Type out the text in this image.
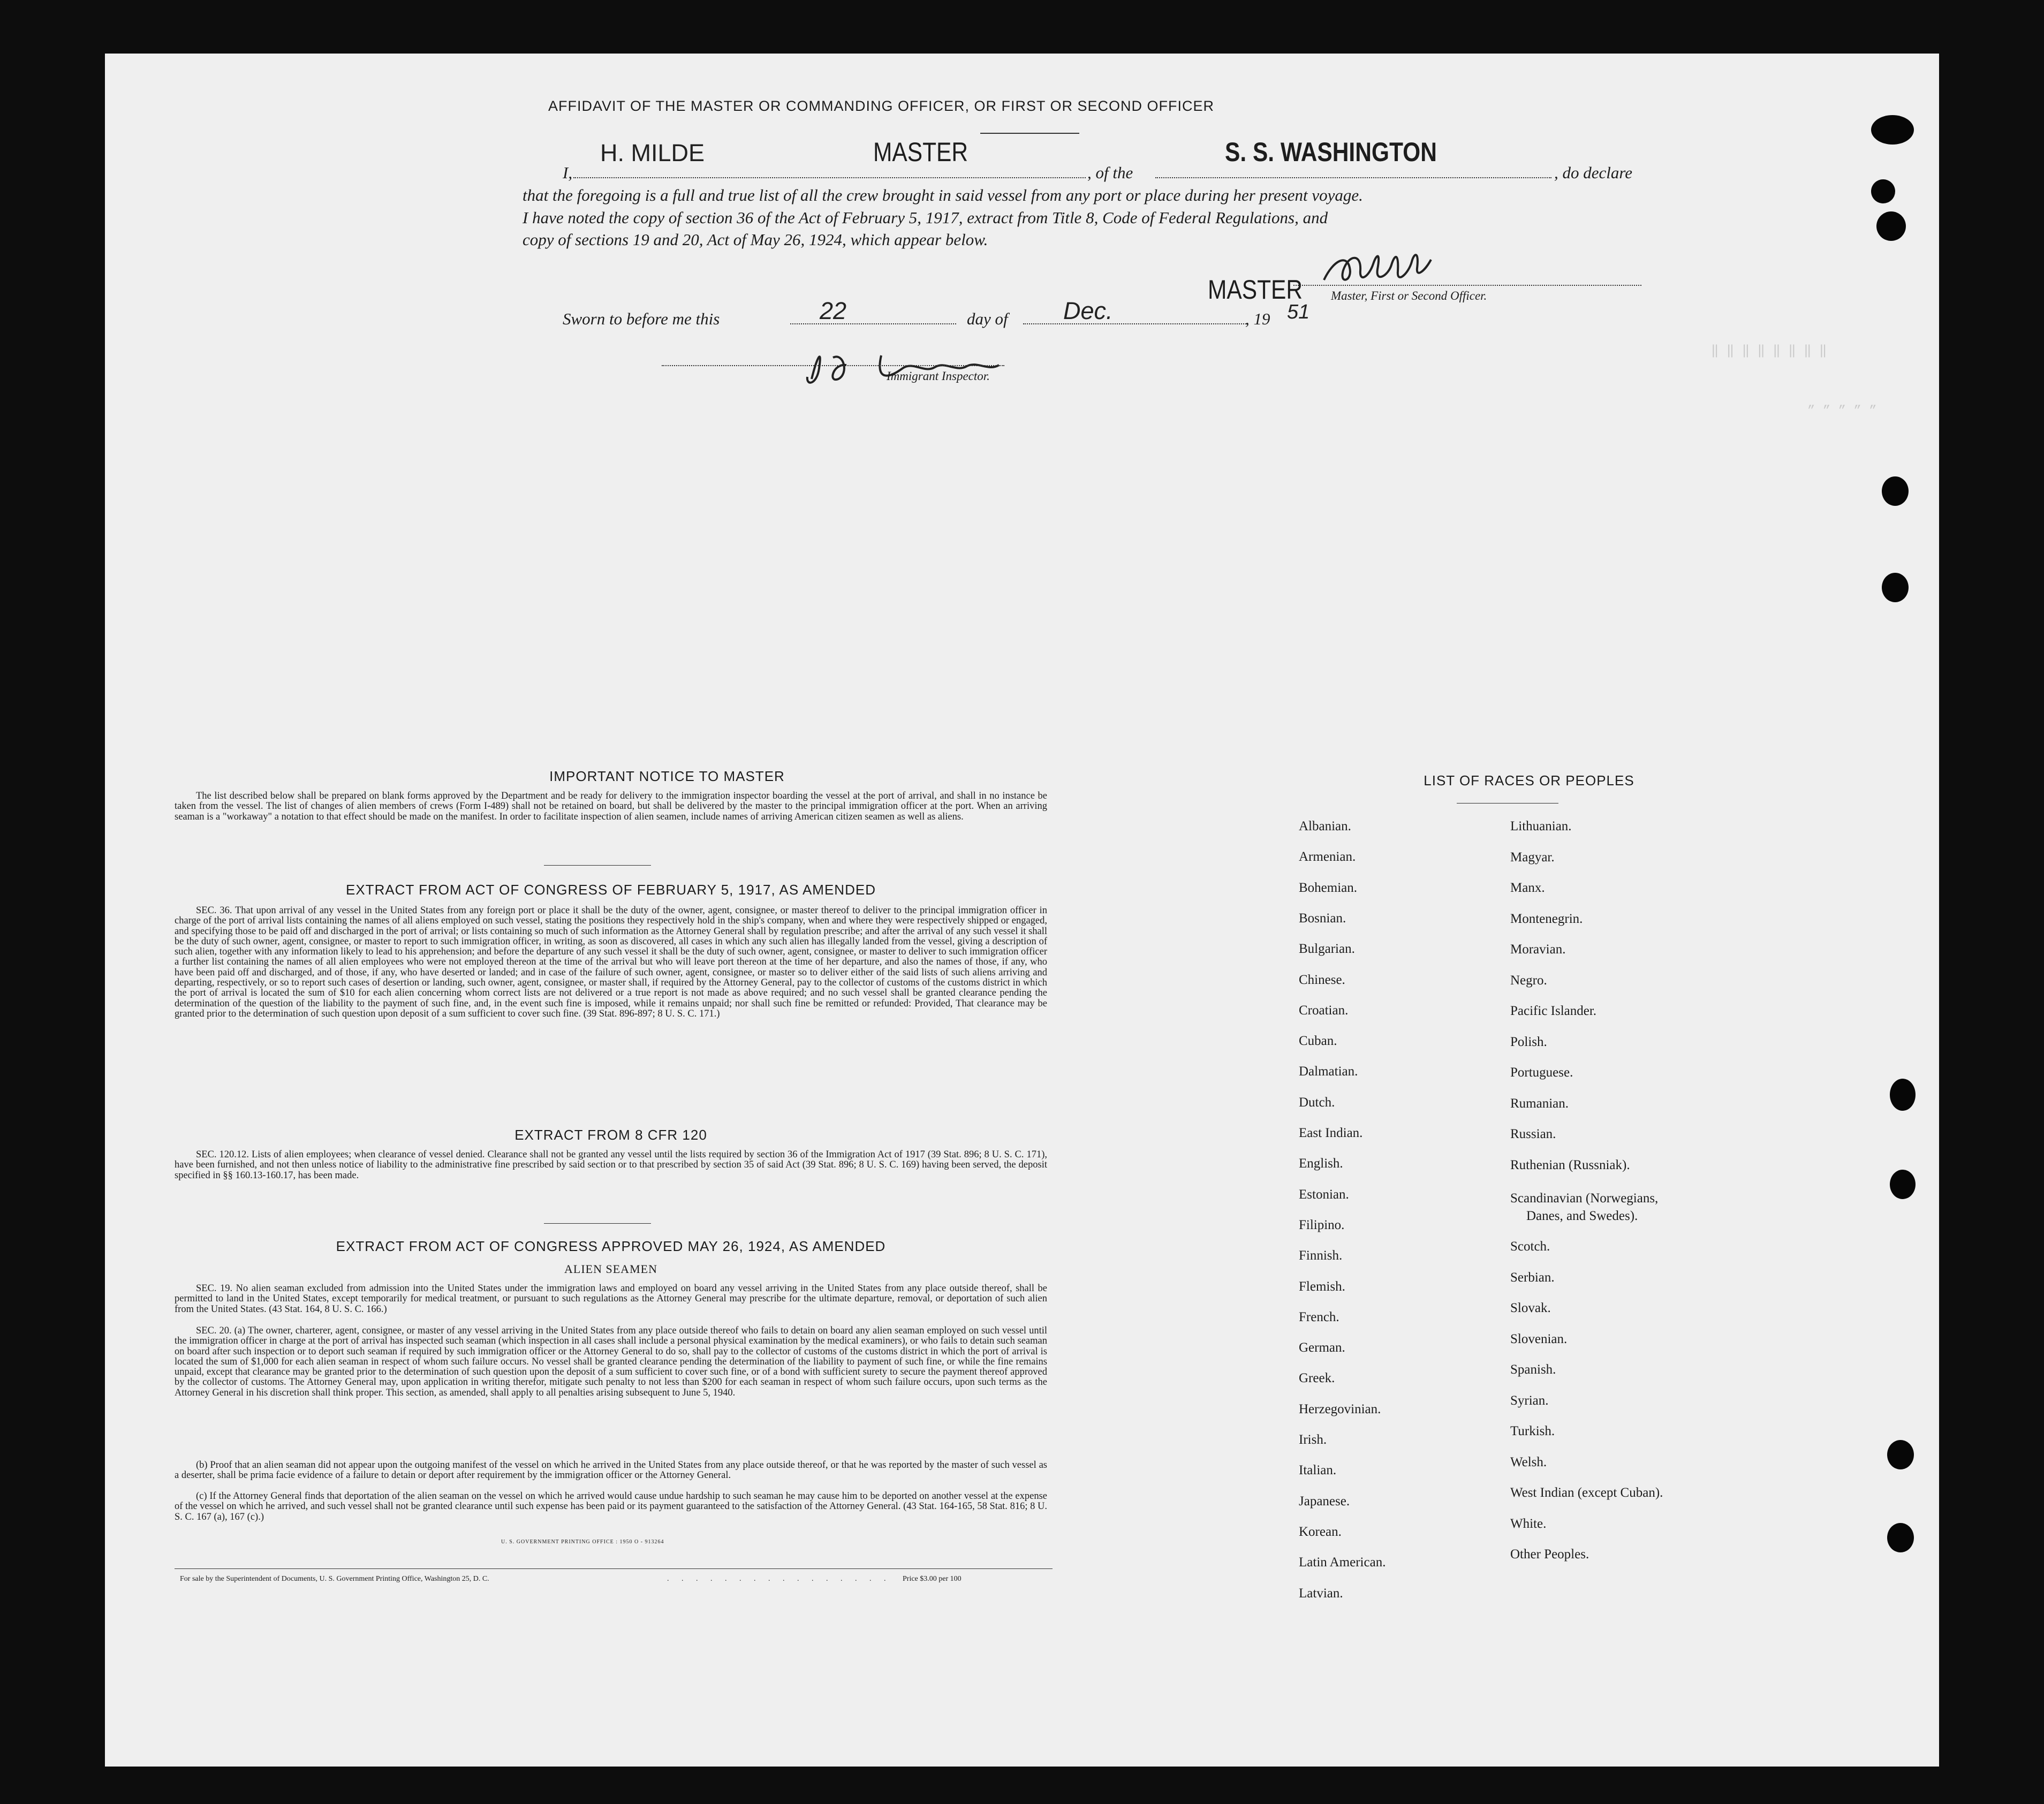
‖ ‖ ‖ ‖ ‖ ‖ ‖ ‖
„ „ „ „ „
AFFIDAVIT OF THE MASTER OR COMMANDING OFFICER, OR FIRST OR SECOND OFFICER
I,
H. MILDE	MASTER
, of the
S. S. WASHINGTON
, do declare
that the foregoing is a full and true list of all the crew brought in said vessel from any port or place during her present voyage.
I have noted the copy of section 36 of the Act of February 5, 1917, extract from Title 8, Code of Federal Regulations, and
copy of sections 19 and 20, Act of May 26, 1924, which appear below.
MASTER Master, First or Second Officer.
Sworn to before me this	22	day of Dec.	, 19 51
Immigrant Inspector.
IMPORTANT NOTICE TO MASTER
The list described below shall be prepared on blank forms approved by the Department and be ready for delivery to the immigration inspector boarding the vessel at the port of arrival, and shall in no instance be taken from the vessel. The list of changes of alien members of crews (Form I-489) shall not be retained on board, but shall be delivered by the master to the principal immigration officer at the port. When an arriving seaman is a "workaway" a notation to that effect should be made on the manifest. In order to facilitate inspection of alien seamen, include names of arriving American citizen seamen as well as aliens.
EXTRACT FROM ACT OF CONGRESS OF FEBRUARY 5, 1917, AS AMENDED
SEC. 36. That upon arrival of any vessel in the United States from any foreign port or place it shall be the duty of the owner, agent, consignee, or master thereof to deliver to the principal immigration officer in charge of the port of arrival lists containing the names of all aliens employed on such vessel, stating the positions they respectively hold in the ship's company, when and where they were respectively shipped or engaged, and specifying those to be paid off and discharged in the port of arrival; or lists containing so much of such information as the Attorney General shall by regulation prescribe; and after the arrival of any such vessel it shall be the duty of such owner, agent, consignee, or master to report to such immigration officer, in writing, as soon as discovered, all cases in which any such alien has illegally landed from the vessel, giving a description of such alien, together with any information likely to lead to his apprehension; and before the departure of any such vessel it shall be the duty of such owner, agent, consignee, or master to deliver to such immigration officer a further list containing the names of all alien employees who were not employed thereon at the time of the arrival but who will leave port thereon at the time of her departure, and also the names of those, if any, who have been paid off and discharged, and of those, if any, who have deserted or landed; and in case of the failure of such owner, agent, consignee, or master so to deliver either of the said lists of such aliens arriving and departing, respectively, or so to report such cases of desertion or landing, such owner, agent, consignee, or master shall, if required by the Attorney General, pay to the collector of customs of the customs district in which the port of arrival is located the sum of $10 for each alien concerning whom correct lists are not delivered or a true report is not made as above required; and no such vessel shall be granted clearance pending the determination of the question of the liability to the payment of such fine, and, in the event such fine is imposed, while it remains unpaid; nor shall such fine be remitted or refunded: Provided, That clearance may be granted prior to the determination of such question upon deposit of a sum sufficient to cover such fine. (39 Stat. 896-897; 8 U. S. C. 171.)
EXTRACT FROM 8 CFR 120
SEC. 120.12. Lists of alien employees; when clearance of vessel denied. Clearance shall not be granted any vessel until the lists required by section 36 of the Immigration Act of 1917 (39 Stat. 896; 8 U. S. C. 171), have been furnished, and not then unless notice of liability to the administrative fine prescribed by said section or to that prescribed by section 35 of said Act (39 Stat. 896; 8 U. S. C. 169) having been served, the deposit specified in §§ 160.13-160.17, has been made.
EXTRACT FROM ACT OF CONGRESS APPROVED MAY 26, 1924, AS AMENDED
ALIEN SEAMEN
SEC. 19. No alien seaman excluded from admission into the United States under the immigration laws and employed on board any vessel arriving in the United States from any place outside thereof, shall be permitted to land in the United States, except temporarily for medical treatment, or pursuant to such regulations as the Attorney General may prescribe for the ultimate departure, removal, or deportation of such alien from the United States. (43 Stat. 164, 8 U. S. C. 166.)
SEC. 20. (a) The owner, charterer, agent, consignee, or master of any vessel arriving in the United States from any place outside thereof who fails to detain on board any alien seaman employed on such vessel until the immigration officer in charge at the port of arrival has inspected such seaman (which inspection in all cases shall include a personal physical examination by the medical examiners), or who fails to detain such seaman on board after such inspection or to deport such seaman if required by such immigration officer or the Attorney General to do so, shall pay to the collector of customs of the customs district in which the port of arrival is located the sum of $1,000 for each alien seaman in respect of whom such failure occurs. No vessel shall be granted clearance pending the determination of the liability to payment of such fine, or while the fine remains unpaid, except that clearance may be granted prior to the determination of such question upon the deposit of a sum sufficient to cover such fine, or of a bond with sufficient surety to secure the payment thereof approved by the collector of customs. The Attorney General may, upon application in writing therefor, mitigate such penalty to not less than $200 for each seaman in respect of whom such failure occurs, upon such terms as the Attorney General in his discretion shall think proper. This section, as amended, shall apply to all penalties arising subsequent to June 5, 1940.
(b) Proof that an alien seaman did not appear upon the outgoing manifest of the vessel on which he arrived in the United States from any place outside thereof, or that he was reported by the master of such vessel as a deserter, shall be prima facie evidence of a failure to detain or deport after requirement by the immigration officer or the Attorney General.
(c) If the Attorney General finds that deportation of the alien seaman on the vessel on which he arrived would cause undue hardship to such seaman he may cause him to be deported on another vessel at the expense of the vessel on which he arrived, and such vessel shall not be granted clearance until such expense has been paid or its payment guaranteed to the satisfaction of the Attorney General. (43 Stat. 164-165, 58 Stat. 816; 8 U. S. C. 167 (a), 167 (c).)
U. S. GOVERNMENT PRINTING OFFICE : 1950 O - 913264
For sale by the Superintendent of Documents, U. S. Government Printing Office, Washington 25, D. C.	. . . . . . . . . . . . . . . . Price $3.00 per 100
LIST OF RACES OR PEOPLES
Albanian.
Armenian.
Bohemian.
Bosnian.
Bulgarian.
Chinese.
Croatian.
Cuban.
Dalmatian.
Dutch.
East Indian.
English.
Estonian.
Filipino.
Finnish.
Flemish.
French.
German.
Greek.
Herzegovinian.
Irish.
Italian.
Japanese.
Korean.
Latin American.
Latvian.
Lithuanian.
Magyar.
Manx.
Montenegrin.
Moravian.
Negro.
Pacific Islander.
Polish.
Portuguese.
Rumanian.
Russian.
Ruthenian (Russniak).
Scandinavian (Norwegians,
Danes, and Swedes).
Scotch.
Serbian.
Slovak.
Slovenian.
Spanish.
Syrian.
Turkish.
Welsh.
West Indian (except Cuban).
White.
Other Peoples.
